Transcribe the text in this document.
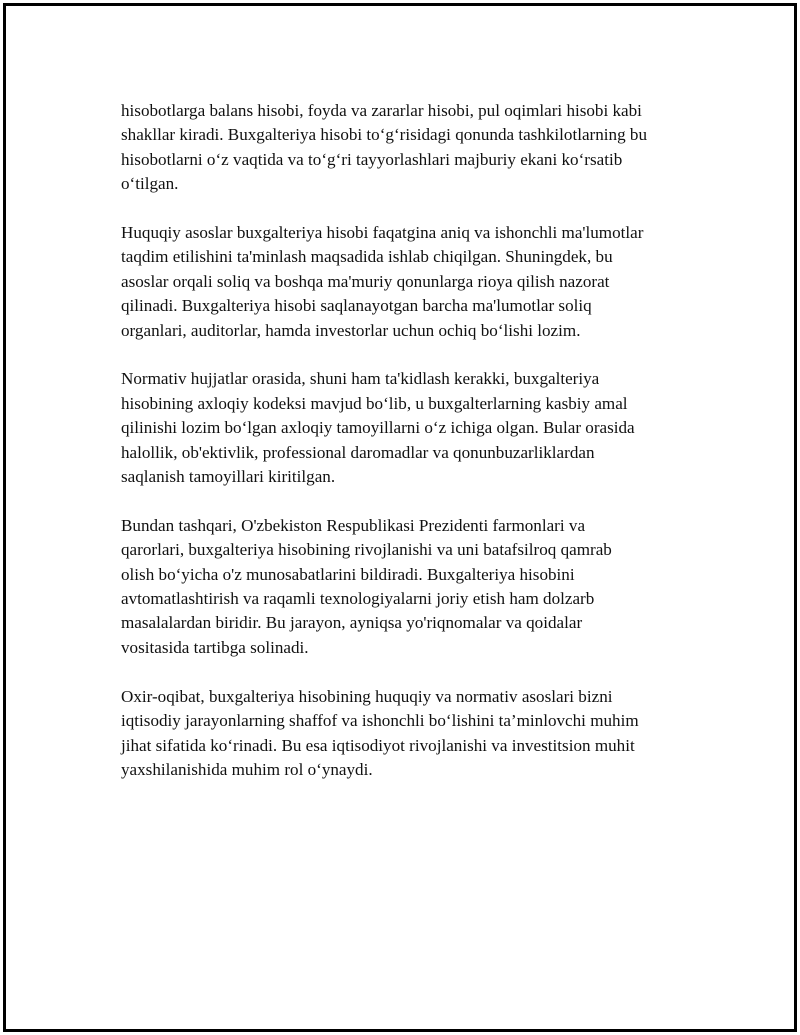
hisobotlarga balans hisobi, foyda va zararlar hisobi, pul oqimlari hisobi kabi
shakllar kiradi. Buxgalteriya hisobi to‘g‘risidagi qonunda tashkilotlarning bu
hisobotlarni o‘z vaqtida va to‘g‘ri tayyorlashlari majburiy ekani ko‘rsatib
o‘tilgan.

Huquqiy asoslar buxgalteriya hisobi faqatgina aniq va ishonchli ma'lumotlar
taqdim etilishini ta'minlash maqsadida ishlab chiqilgan. Shuningdek, bu
asoslar orqali soliq va boshqa ma'muriy qonunlarga rioya qilish nazorat
qilinadi. Buxgalteriya hisobi saqlanayotgan barcha ma'lumotlar soliq
organlari, auditorlar, hamda investorlar uchun ochiq bo‘lishi lozim.

Normativ hujjatlar orasida, shuni ham ta'kidlash kerakki, buxgalteriya
hisobining axloqiy kodeksi mavjud bo‘lib, u buxgalterlarning kasbiy amal
qilinishi lozim bo‘lgan axloqiy tamoyillarni o‘z ichiga olgan. Bular orasida
halollik, ob'ektivlik, professional daromadlar va qonunbuzarliklardan
saqlanish tamoyillari kiritilgan.

Bundan tashqari, O'zbekiston Respublikasi Prezidenti farmonlari va
qarorlari, buxgalteriya hisobining rivojlanishi va uni batafsilroq qamrab
olish bo‘yicha o'z munosabatlarini bildiradi. Buxgalteriya hisobini
avtomatlashtirish va raqamli texnologiyalarni joriy etish ham dolzarb
masalalardan biridir. Bu jarayon, ayniqsa yo'riqnomalar va qoidalar
vositasida tartibga solinadi.

Oxir-oqibat, buxgalteriya hisobining huquqiy va normativ asoslari bizni
iqtisodiy jarayonlarning shaffof va ishonchli bo‘lishini ta’minlovchi muhim
jihat sifatida ko‘rinadi. Bu esa iqtisodiyot rivojlanishi va investitsion muhit
yaxshilanishida muhim rol o‘ynaydi.
